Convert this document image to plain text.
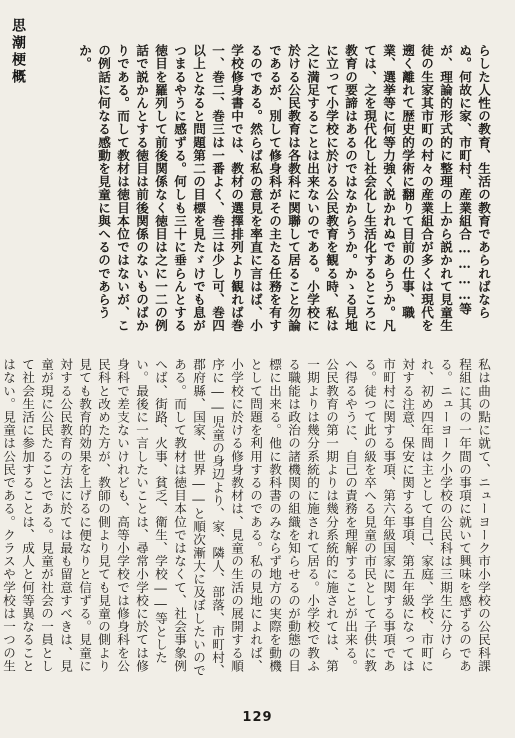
思潮梗概	らした人性の教育、生活の教育であらればならぬ。何故に家、市町村、産業組合…………等が、理論的形式的に整理の上から説かれて見童生徒の生家其市町の村々の産業組合が多くは現代を遡く離れて歴史的学術に翻りて目前の仕事、職業、選挙等に何等力強く説かれぬであらうか。凡ては、之を現代化し社会化し生活化するところに教育の要諦はあるのではなからうか。かゝる見地に立って小学校に於ける公民教育を観る時、私は之に満足することは出来ないのである。小学校に於ける公民教育は各教科に関聯して居ること勿論であるが、別して修身科がその主たる任務を有するのである。然らば私の意見を率直に言はば、小学校修身書中では、教材の選擇排列より観れば巻一、巻二、巻三は一番よく、巻三は少し可、巻四以上となると問題第二の目標を見たゞけでも息がつまるやうに感ずる。何しも三十に垂らんとする徳目を羅列して前後関係なく徳目は之に一二の例話で説かんとする徳目は前後関係のないものばかりである。而して教材は徳目本位ではないが、この例話に何なる感動を見童に與へるのであらうか。
私は曲の點に就て、ニューヨーク市小学校の公民科課程組に其の一年間の事項に就いて興味を感ずるのである。ニューヨーク小学校の公民科は三期生に分けられ、初め四年間は主として自己、家庭、学校、市町に対する注意、保安に関する事項、第五年級になっては市町村に関する事項、第六年級国家に関する事項である。徒つて此の級を卒へる見童の市民として子供に教へ得るやうに、自己の責務を理解することが出来る。公民教育の第一期よりは幾分系統的に施されては、第一期よりは幾分系統的に施されて居る。小学校で教ふる職能は政治の諸機関の組織を知らせるのが動態の目標に出来る。他に教科書のみならず地方の実際を動機として問題を利用するのである。私の見地によれば、小学校に於ける修身教材は、見童の生活の展開する順序に――児童の身辺より、家、隣人、部落、市町村、郡府縣、国家、世界――と順次漸大に及ぼしたいのである。而して教材は徳目本位ではなくて、社会事象例へば、街路、火事、貧乏、衛生、学校――等としたい。最後に一言したいことは、尋常小学校に於ては修身科で差支ないけれども、高等小学校では修身科を公民科と改めた方が、教師の側より見ても見童の側より見ても教育的効果を上げるに便なりと信ずる。見童に対する公民教育の方法に於ては最も留意すべきは、見童が現に公民たることである。見童が社会の一員として社会生活に参加することは、成人と何等異なることはない。見童は公民である。クラスや学校は一つの生
129
